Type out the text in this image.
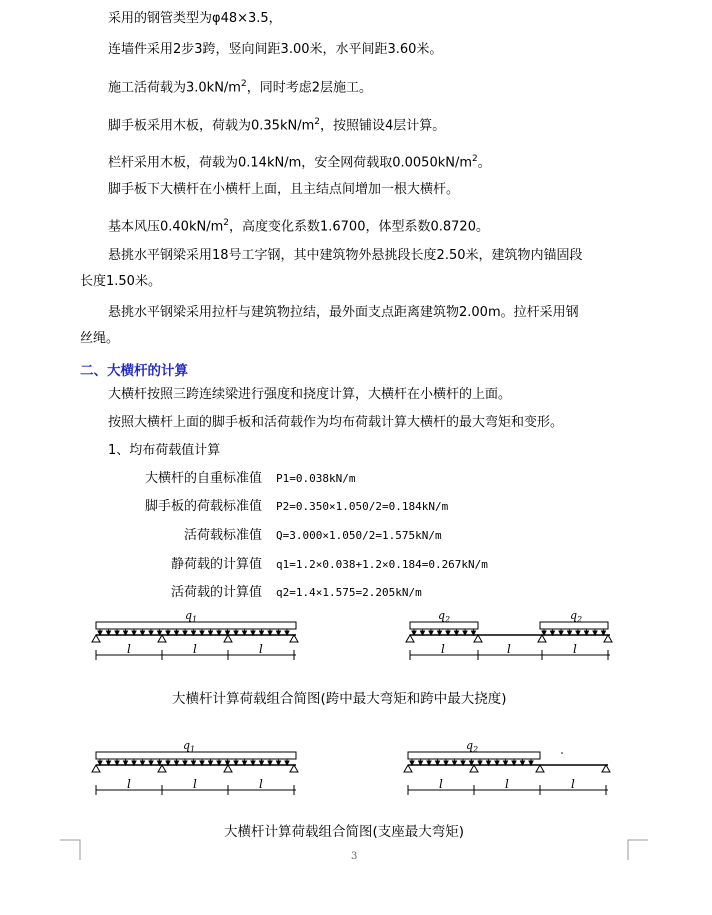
采用的钢管类型为φ48×3.5，
连墙件采用2步3跨，竖向间距3.00米，水平间距3.60米。
施工活荷载为$3.0kN/m^2$，同时考虑2层施工。
脚手板采用木板，荷载为$0.35kN/m^2$，按照铺设4层计算。
栏杆采用木板，荷载为0.14kN/m，安全网荷载取$0.0050kN/m^2$。
脚手板下大横杆在小横杆上面，且主结点间增加一根大横杆。
基本风压$0.40kN/m^2$，高度变化系数1.6700，体型系数0.8720。
悬挑水平钢梁采用18号工字钢，其中建筑物外悬挑段长度2.50米，建筑物内锚固段
长度1.50米。
悬挑水平钢梁采用拉杆与建筑物拉结，最外面支点距离建筑物2.00m。拉杆采用钢
丝绳。
二、大横杆的计算
大横杆按照三跨连续梁进行强度和挠度计算，大横杆在小横杆的上面。
按照大横杆上面的脚手板和活荷载作为均布荷载计算大横杆的最大弯矩和变形。
1、均布荷载值计算
大横杆的自重标准值 P1=0.038kN/m
脚手板的荷载标准值 P2=0.350×1.050/2=0.184kN/m
活荷载标准值 Q=3.000×1.050/2=1.575kN/m
静荷载的计算值 q1=1.2×0.038+1.2×0.184=0.267kN/m
活荷载的计算值 q2=1.4×1.575=2.205kN/m
$q_1$
l	l	l
$q_2$	$q_2$
l	l	l
大横杆计算荷载组合简图(跨中最大弯矩和跨中最大挠度)
$q_1$
l	l	l
$q_2$
l	l	l
大横杆计算荷载组合简图(支座最大弯矩)
3
